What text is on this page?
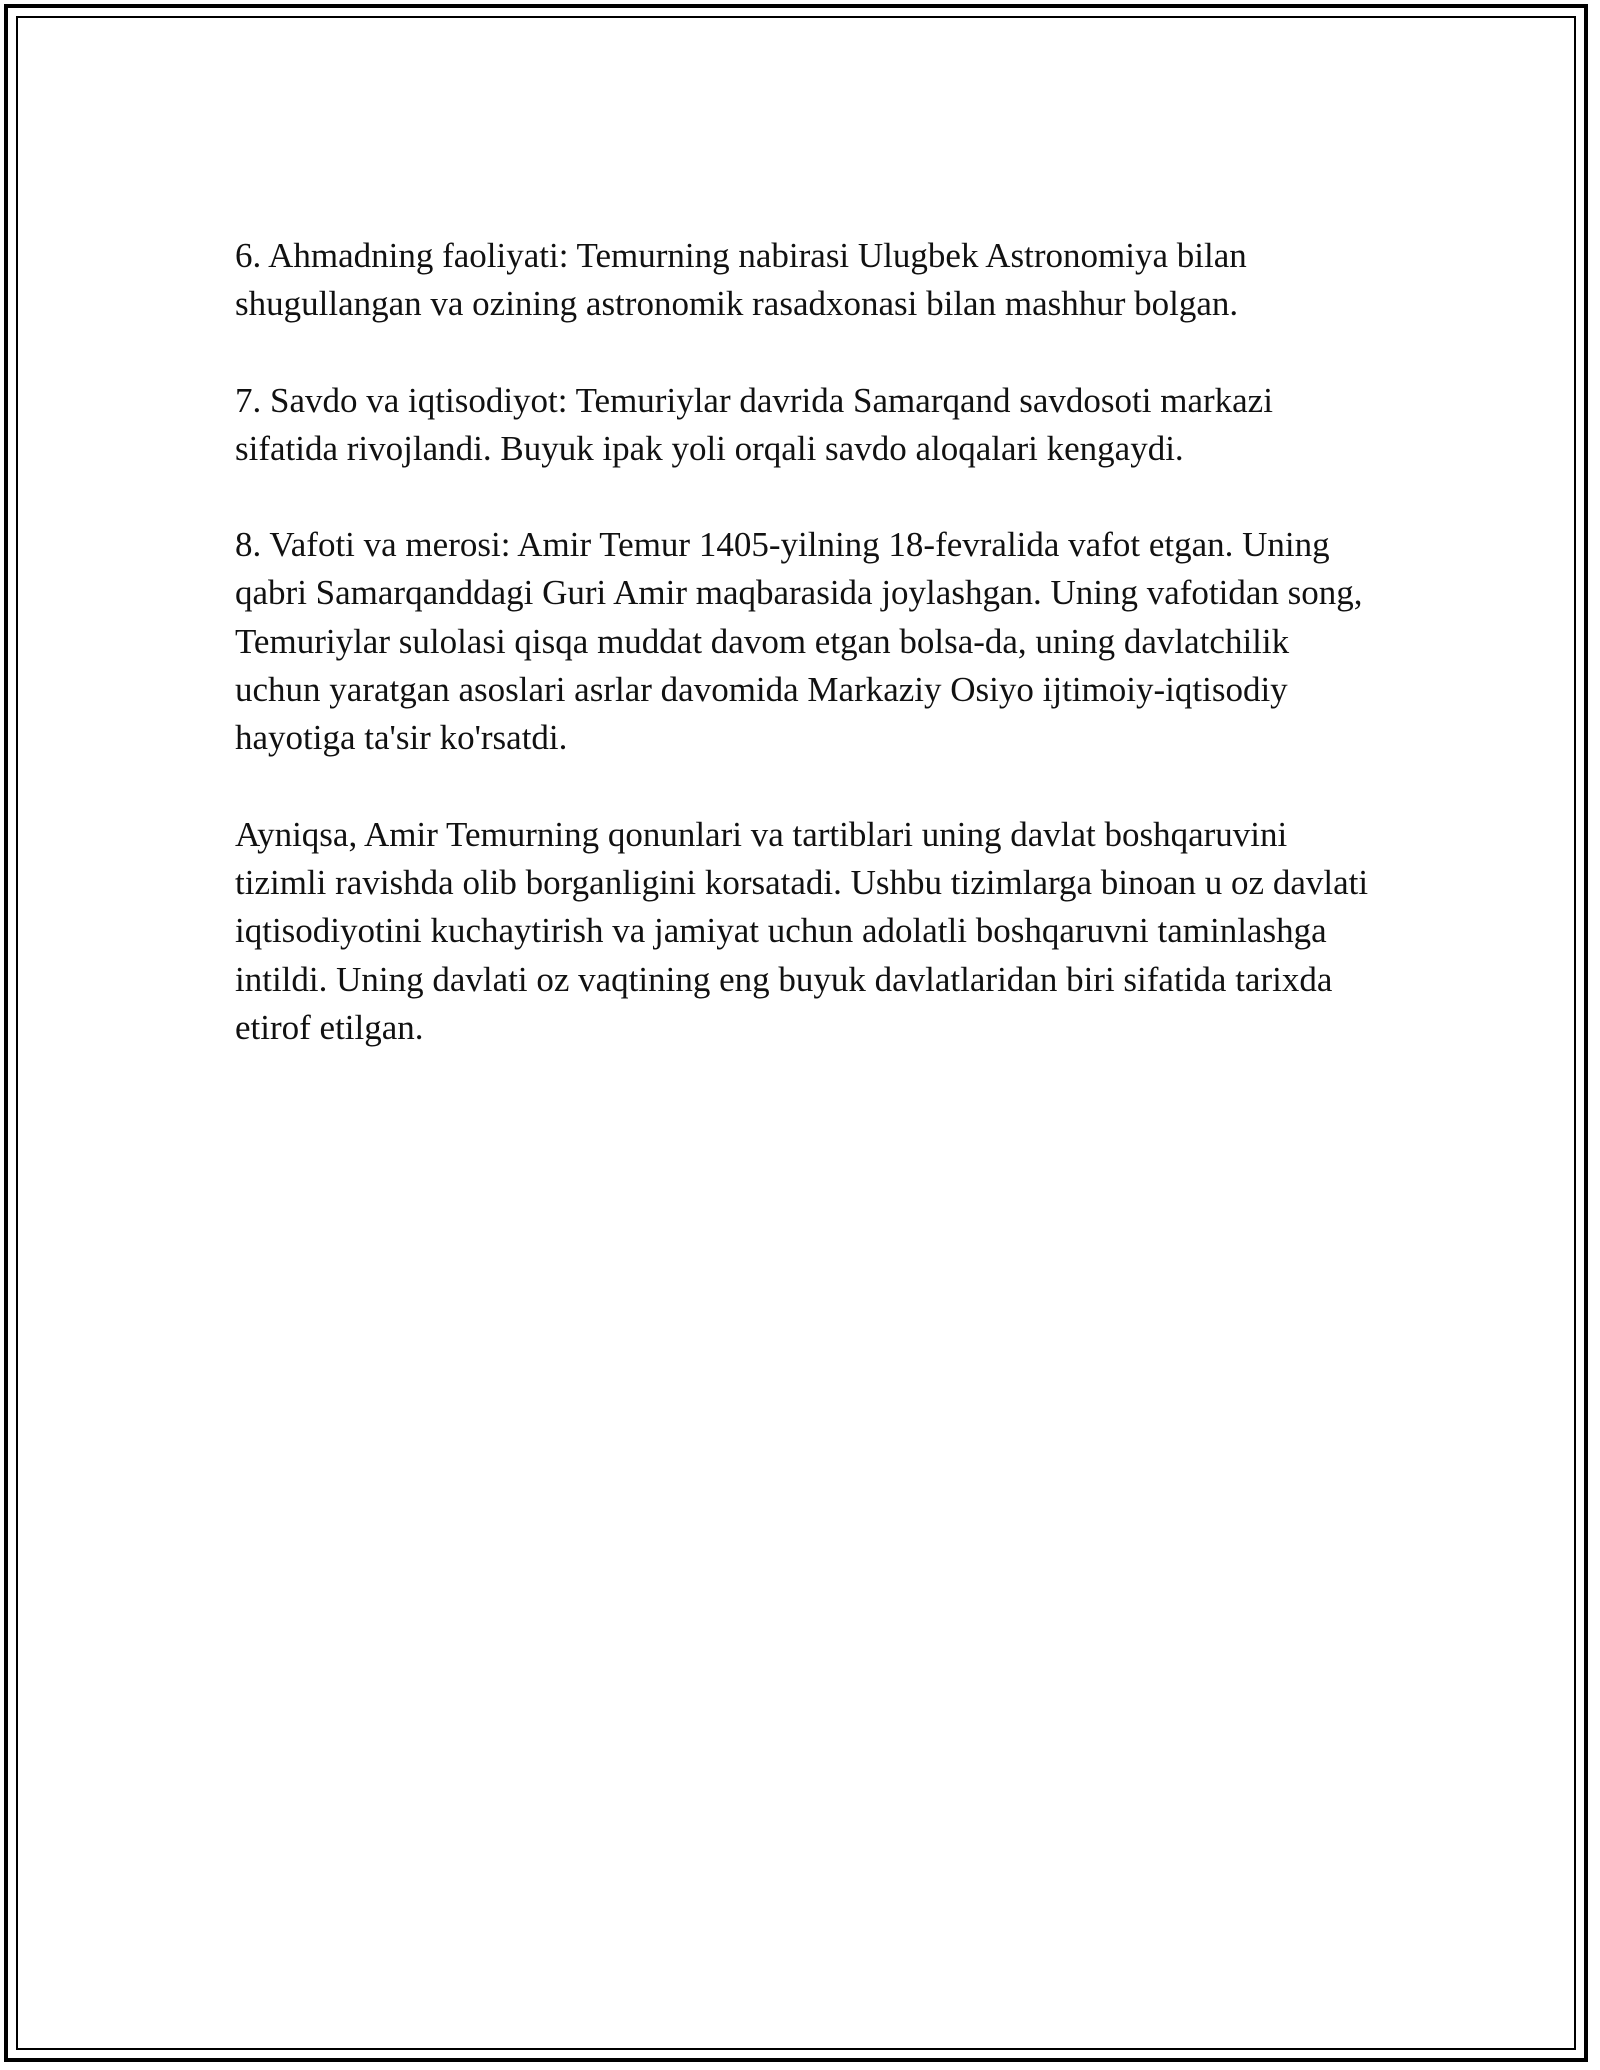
6. Ahmadning faoliyati: Temurning nabirasi Ulugbek Astronomiya bilan shugullangan va ozining astronomik rasadxonasi bilan mashhur bolgan.

7. Savdo va iqtisodiyot: Temuriylar davrida Samarqand savdosoti markazi sifatida rivojlandi. Buyuk ipak yoli orqali savdo aloqalari kengaydi.

8. Vafoti va merosi: Amir Temur 1405-yilning 18-fevralida vafot etgan. Uning qabri Samarqanddagi Guri Amir maqbarasida joylashgan. Uning vafotidan song, Temuriylar sulolasi qisqa muddat davom etgan bolsa-da, uning davlatchilik uchun yaratgan asoslari asrlar davomida Markaziy Osiyo ijtimoiy-iqtisodiy hayotiga ta'sir ko'rsatdi.

Ayniqsa, Amir Temurning qonunlari va tartiblari uning davlat boshqaruvini tizimli ravishda olib borganligini korsatadi. Ushbu tizimlarga binoan u oz davlati iqtisodiyotini kuchaytirish va jamiyat uchun adolatli boshqaruvni taminlashga intildi. Uning davlati oz vaqtining eng buyuk davlatlaridan biri sifatida tarixda etirof etilgan.
